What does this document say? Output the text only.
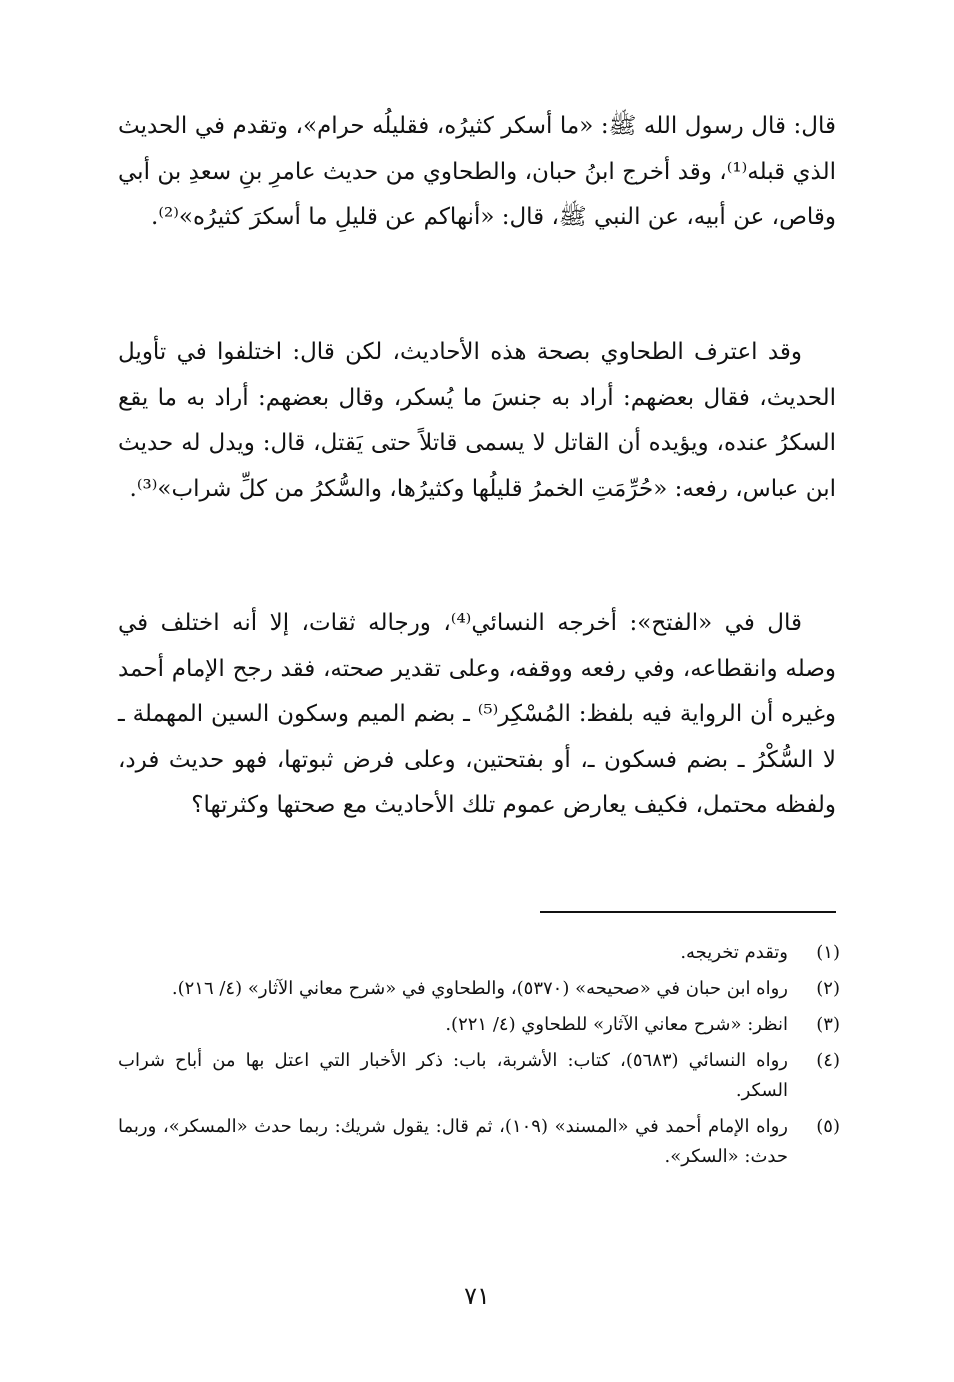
قال: قال رسول الله ﷺ: «ما أسكر كثيرُه، فقليلُه حرام»، وتقدم في الحديث الذي قبله⁽¹⁾، وقد أخرج ابنُ حبان، والطحاوي من حديث عامرِ بنِ سعدِ بن أبي وقاص، عن أبيه، عن النبي ﷺ، قال: «أنهاكم عن قليلِ ما أسكرَ كثيرُه»⁽²⁾.

وقد اعترف الطحاوي بصحة هذه الأحاديث، لكن قال: اختلفوا في تأويل الحديث، فقال بعضهم: أراد به جنسَ ما يُسكر، وقال بعضهم: أراد به ما يقع السكرُ عنده، ويؤيده أن القاتل لا يسمى قاتلاً حتى يَقتل، قال: ويدل له حديث ابن عباس، رفعه: «حُرِّمَتِ الخمرُ قليلُها وكثيرُها، والسُّكرُ من كلِّ شراب»⁽³⁾.

قال في «الفتح»: أخرجه النسائي⁽⁴⁾، ورجاله ثقات، إلا أنه اختلف في وصله وانقطاعه، وفي رفعه ووقفه، وعلى تقدير صحته، فقد رجح الإمام أحمد وغيره أن الرواية فيه بلفظ: المُسْكِر⁽⁵⁾ ـ بضم الميم وسكون السين المهملة ـ لا السُّكْرُ ـ بضم فسكون ـ، أو بفتحتين، وعلى فرض ثبوتها، فهو حديث فرد، ولفظه محتمل، فكيف يعارض عموم تلك الأحاديث مع صحتها وكثرتها؟

(١)
وتقدم تخريجه.
(٢)
رواه ابن حبان في «صحيحه» (٥٣٧٠)، والطحاوي في «شرح معاني الآثار» (٤/ ٢١٦).
(٣)
انظر: «شرح معاني الآثار» للطحاوي (٤/ ٢٢١).
(٤)
رواه النسائي (٥٦٨٣)، كتاب: الأشربة، باب: ذكر الأخبار التي اعتل بها من أباح شراب السكر.
(٥)
رواه الإمام أحمد في «المسند» (١٠٩)، ثم قال: يقول شريك: ربما حدث «المسكر»، وربما حدث: «السكر».
٧١
